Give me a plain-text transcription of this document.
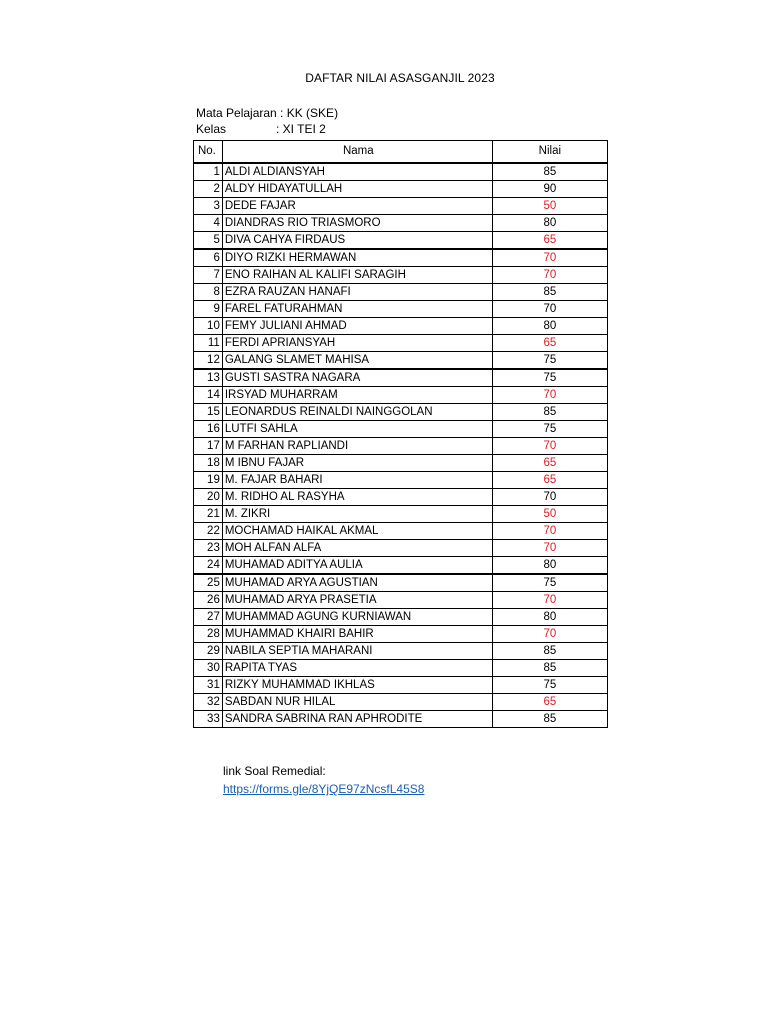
DAFTAR NILAI ASASGANJIL 2023
Mata Pelajaran : KK (SKE)
Kelas	: XI TEI 2
No.	Nama	Nilai
1	ALDI ALDIANSYAH	85
2	ALDY HIDAYATULLAH	90
3	DEDE FAJAR	50
4	DIANDRAS RIO TRIASMORO	80
5	DIVA CAHYA FIRDAUS	65
6	DIYO RIZKI HERMAWAN	70
7	ENO RAIHAN AL KALIFI SARAGIH	70
8	EZRA RAUZAN HANAFI	85
9	FAREL FATURAHMAN	70
10	FEMY JULIANI AHMAD	80
11	FERDI APRIANSYAH	65
12	GALANG SLAMET MAHISA	75
13	GUSTI SASTRA NAGARA	75
14	IRSYAD MUHARRAM	70
15	LEONARDUS REINALDI NAINGGOLAN	85
16	LUTFI SAHLA	75
17	M FARHAN RAPLIANDI	70
18	M IBNU FAJAR	65
19	M. FAJAR BAHARI	65
20	M. RIDHO AL RASYHA	70
21	M. ZIKRI	50
22	MOCHAMAD HAIKAL AKMAL	70
23	MOH ALFAN ALFA	70
24	MUHAMAD ADITYA AULIA	80
25	MUHAMAD ARYA AGUSTIAN	75
26	MUHAMAD ARYA PRASETIA	70
27	MUHAMMAD AGUNG KURNIAWAN	80
28	MUHAMMAD KHAIRI BAHIR	70
29	NABILA SEPTIA MAHARANI	85
30	RAPITA TYAS	85
31	RIZKY MUHAMMAD IKHLAS	75
32	SABDAN NUR HILAL	65
33	SANDRA SABRINA RAN APHRODITE	85
link Soal Remedial:
https://forms.gle/8YjQE97zNcsfL45S8
